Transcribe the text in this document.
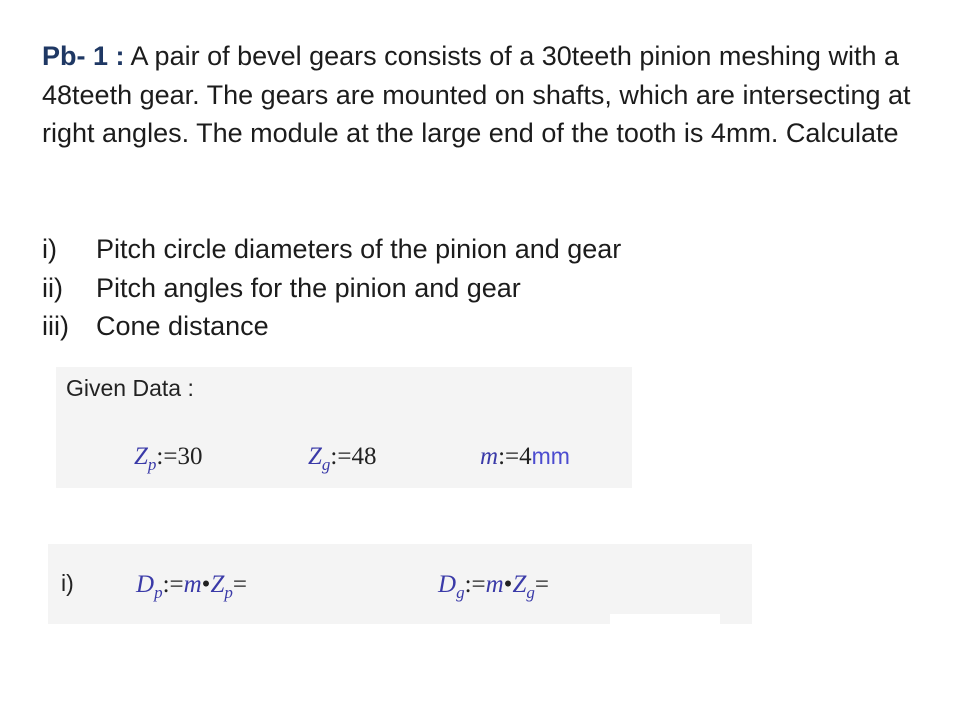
Pb- 1 : A pair of bevel gears consists of a 30teeth pinion meshing with a 48teeth gear. The gears are mounted on shafts, which are intersecting at right angles. The module at the large end of the tooth is 4mm. Calculate
i)	Pitch circle diameters of the pinion and gear
ii)	Pitch angles for the pinion and gear
iii)	Cone distance
Given Data :
$Z_p:=30$	$Z_g:=48$	m:=4mm
i) $D_p:=m•Z_p=$	$D_g:=m•Z_g=$
